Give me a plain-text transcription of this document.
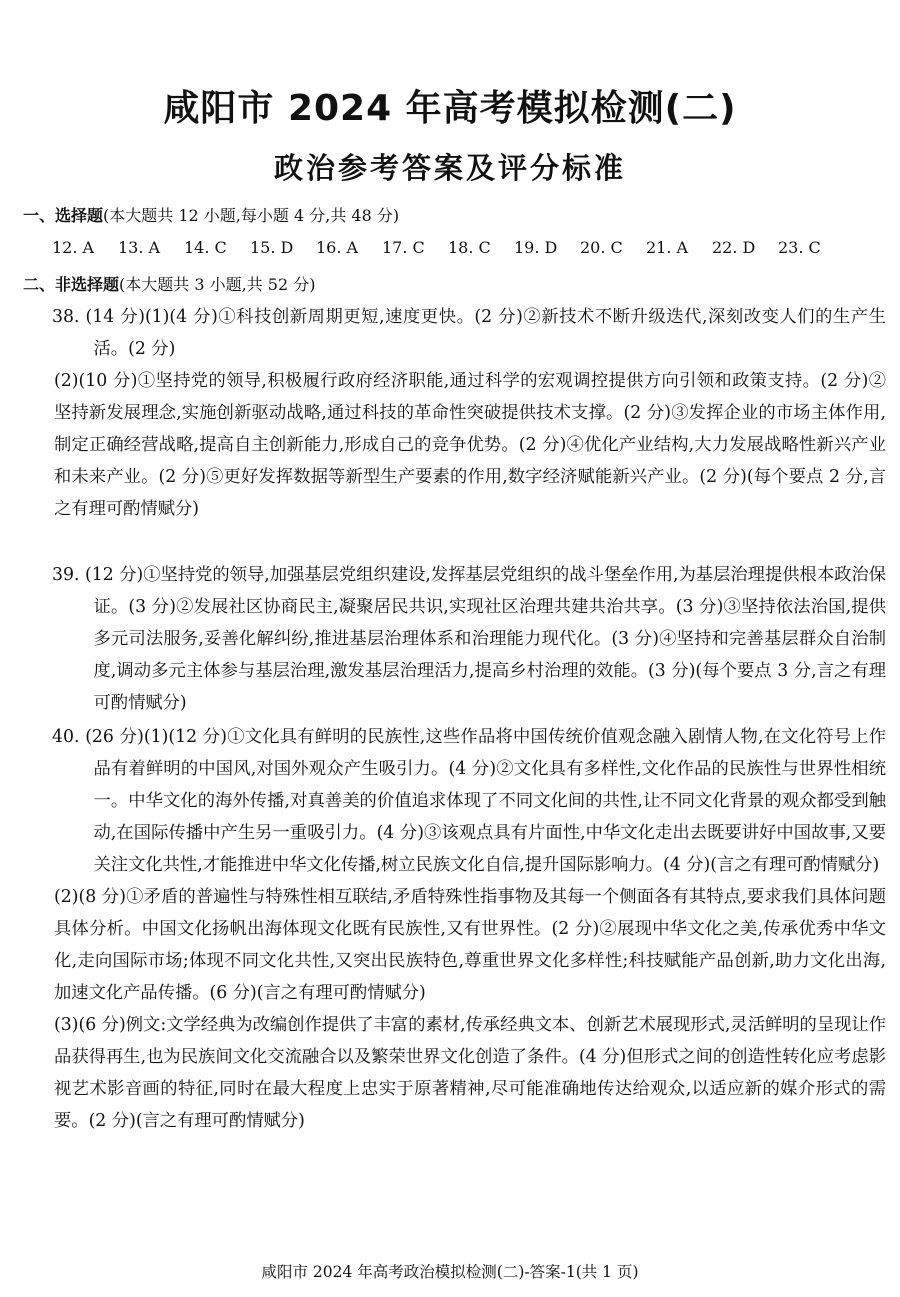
咸阳市 2024 年高考模拟检测(二)
政治参考答案及评分标准
一、选择题(本大题共 12 小题,每小题 4 分,共 48 分)
12. A	13. A	14. C	15. D	16. A	17. C	18. C	19. D	20. C	21. A	22. D	23. C
二、非选择题(本大题共 3 小题,共 52 分)
38. (14 分)(1)(4 分)①科技创新周期更短,速度更快。(2 分)②新技术不断升级迭代,深刻改变人们的生产生活。(2 分)
(2)(10 分)①坚持党的领导,积极履行政府经济职能,通过科学的宏观调控提供方向引领和政策支持。(2 分)②坚持新发展理念,实施创新驱动战略,通过科技的革命性突破提供技术支撑。(2 分)③发挥企业的市场主体作用,制定正确经营战略,提高自主创新能力,形成自己的竞争优势。(2 分)④优化产业结构,大力发展战略性新兴产业和未来产业。(2 分)⑤更好发挥数据等新型生产要素的作用,数字经济赋能新兴产业。(2 分)(每个要点 2 分,言之有理可酌情赋分)
39. (12 分)①坚持党的领导,加强基层党组织建设,发挥基层党组织的战斗堡垒作用,为基层治理提供根本政治保证。(3 分)②发展社区协商民主,凝聚居民共识,实现社区治理共建共治共享。(3 分)③坚持依法治国,提供多元司法服务,妥善化解纠纷,推进基层治理体系和治理能力现代化。(3 分)④坚持和完善基层群众自治制度,调动多元主体参与基层治理,激发基层治理活力,提高乡村治理的效能。(3 分)(每个要点 3 分,言之有理可酌情赋分)
40. (26 分)(1)(12 分)①文化具有鲜明的民族性,这些作品将中国传统价值观念融入剧情人物,在文化符号上作品有着鲜明的中国风,对国外观众产生吸引力。(4 分)②文化具有多样性,文化作品的民族性与世界性相统一。中华文化的海外传播,对真善美的价值追求体现了不同文化间的共性,让不同文化背景的观众都受到触动,在国际传播中产生另一重吸引力。(4 分)③该观点具有片面性,中华文化走出去既要讲好中国故事,又要关注文化共性,才能推进中华文化传播,树立民族文化自信,提升国际影响力。(4 分)(言之有理可酌情赋分)
(2)(8 分)①矛盾的普遍性与特殊性相互联结,矛盾特殊性指事物及其每一个侧面各有其特点,要求我们具体问题具体分析。中国文化扬帆出海体现文化既有民族性,又有世界性。(2 分)②展现中华文化之美,传承优秀中华文化,走向国际市场;体现不同文化共性,又突出民族特色,尊重世界文化多样性;科技赋能产品创新,助力文化出海,加速文化产品传播。(6 分)(言之有理可酌情赋分)
(3)(6 分)例文:文学经典为改编创作提供了丰富的素材,传承经典文本、创新艺术展现形式,灵活鲜明的呈现让作品获得再生,也为民族间文化交流融合以及繁荣世界文化创造了条件。(4 分)但形式之间的创造性转化应考虑影视艺术影音画的特征,同时在最大程度上忠实于原著精神,尽可能准确地传达给观众,以适应新的媒介形式的需要。(2 分)(言之有理可酌情赋分)
咸阳市 2024 年高考政治模拟检测(二)-答案-1(共 1 页)
